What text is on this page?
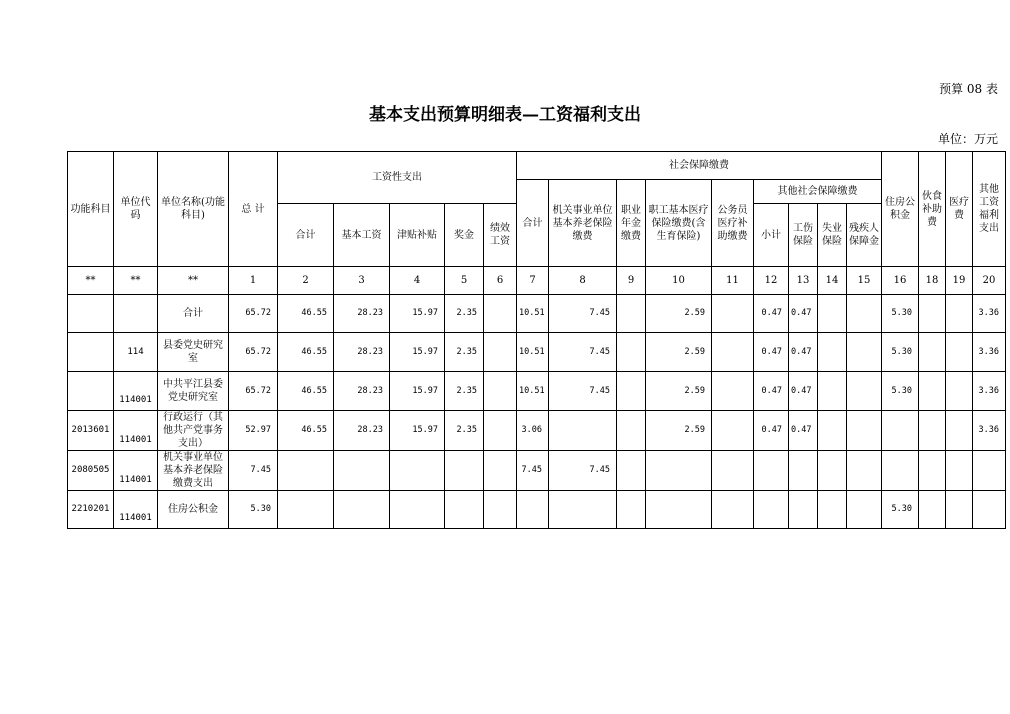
预算 08 表
基本支出预算明细表—工资福利支出
单位：万元
功能科目	单位代码	单位名称(功能科目)	总 计	工资性支出					社会保障缴费									住房公积金	伙食补助费	医疗费	其他工资福利支出
									合计	机关事业单位基本养老保险缴费	职业年金缴费	职工基本医疗保险缴费(含生育保险)	公务员医疗补助缴费	其他社会保障缴费							
				合计	基本工资	津贴补贴	奖金	绩效工资						小计	工伤保险	失业保险	残疾人保障金				
**	**	**	1	2	3	4	5	6	7	8	9	10	11	12	13	14	15	16	18	19	20
		合计	65.72	46.55	28.23	15.97	2.35		10.51	7.45		2.59		0.47	0.47			5.30			3.36
	114	县委党史研究室	65.72	46.55	28.23	15.97	2.35		10.51	7.45		2.59		0.47	0.47			5.30			3.36
	114001	中共平江县委党史研究室	65.72	46.55	28.23	15.97	2.35		10.51	7.45		2.59		0.47	0.47			5.30			3.36
2013601	114001	行政运行（其他共产党事务支出）	52.97	46.55	28.23	15.97	2.35		3.06			2.59		0.47	0.47						3.36
2080505	114001	机关事业单位基本养老保险缴费支出	7.45						7.45	7.45											
2210201	114001	住房公积金	5.30															5.30			
